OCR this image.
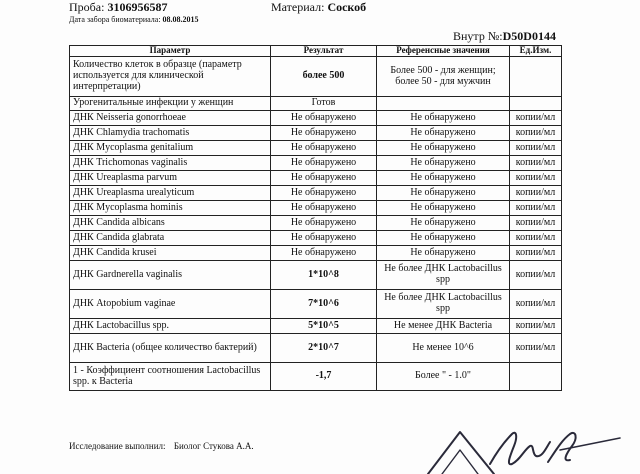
Проба: 3106956587	Материал: Соскоб
Дата забора биоматериала: 08.08.2015
Внутр №:D50D0144
Параметр	Результат	Референсные значения	Ед.Изм.
Количество клеток в образце (параметр используется для клинической интерпретации)	более 500	Более 500 - для женщин; более 50 - для мужчин	
Урогенитальные инфекции у женщин	Готов		
ДНК Neisseria gonorrhoeae	Не обнаружено	Не обнаружено	копии/мл
ДНК Chlamydia trachomatis	Не обнаружено	Не обнаружено	копии/мл
ДНК Mycoplasma genitalium	Не обнаружено	Не обнаружено	копии/мл
ДНК Trichomonas vaginalis	Не обнаружено	Не обнаружено	копии/мл
ДНК Ureaplasma parvum	Не обнаружено	Не обнаружено	копии/мл
ДНК Ureaplasma urealyticum	Не обнаружено	Не обнаружено	копии/мл
ДНК Mycoplasma hominis	Не обнаружено	Не обнаружено	копии/мл
ДНК Candida albicans	Не обнаружено	Не обнаружено	копии/мл
ДНК Candida glabrata	Не обнаружено	Не обнаружено	копии/мл
ДНК Candida krusei	Не обнаружено	Не обнаружено	копии/мл
ДНК Gardnerella vaginalis	1*10^8	Не более ДНК Lactobacillus spp	копии/мл
ДНК Atopobium vaginae	7*10^6	Не более ДНК Lactobacillus spp	копии/мл
ДНК Lactobacillus spp.	5*10^5	Не менее ДНК Bacteria	копии/мл
ДНК Bacteria (общее количество бактерий)	2*10^7	Не менее 10^6	копии/мл
1 - Коэффициент соотношения Lactobacillus spp. к Bacteria	-1,7	Более " - 1.0"	
Исследование выполнил: Биолог Стукова А.А.
